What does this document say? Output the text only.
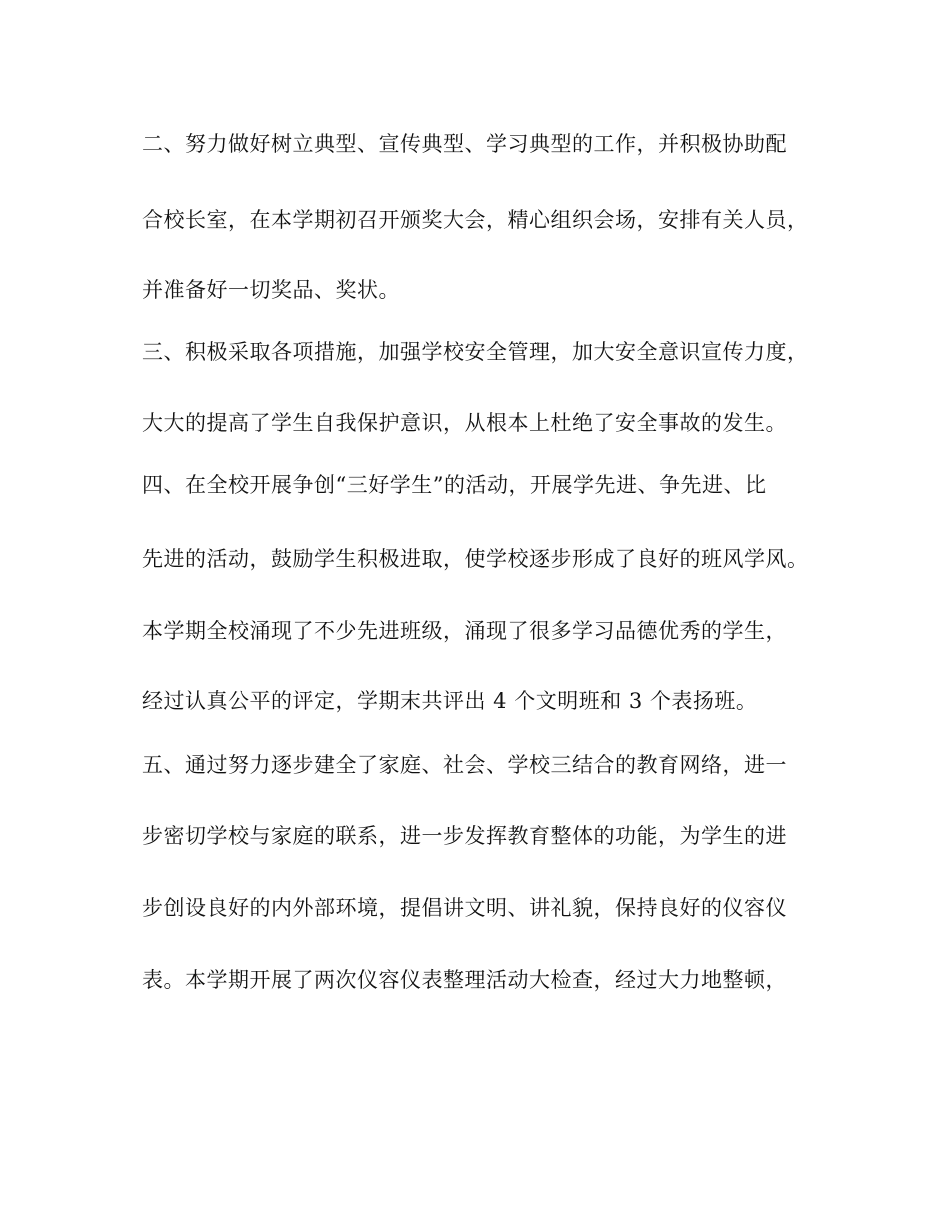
二、努力做好树立典型、宣传典型、学习典型的工作，并积极协助配
合校长室，在本学期初召开颁奖大会，精心组织会场，安排有关人员，
并准备好一切奖品、奖状。
三、积极采取各项措施，加强学校安全管理，加大安全意识宣传力度，
大大的提高了学生自我保护意识，从根本上杜绝了安全事故的发生。
四、在全校开展争创“三好学生”的活动，开展学先进、争先进、比
先进的活动，鼓励学生积极进取，使学校逐步形成了良好的班风学风。
本学期全校涌现了不少先进班级，涌现了很多学习品德优秀的学生，
经过认真公平的评定，学期末共评出 4 个文明班和 3 个表扬班。
五、通过努力逐步建全了家庭、社会、学校三结合的教育网络，进一
步密切学校与家庭的联系，进一步发挥教育整体的功能，为学生的进
步创设良好的内外部环境，提倡讲文明、讲礼貌，保持良好的仪容仪
表。本学期开展了两次仪容仪表整理活动大检查，经过大力地整顿，
